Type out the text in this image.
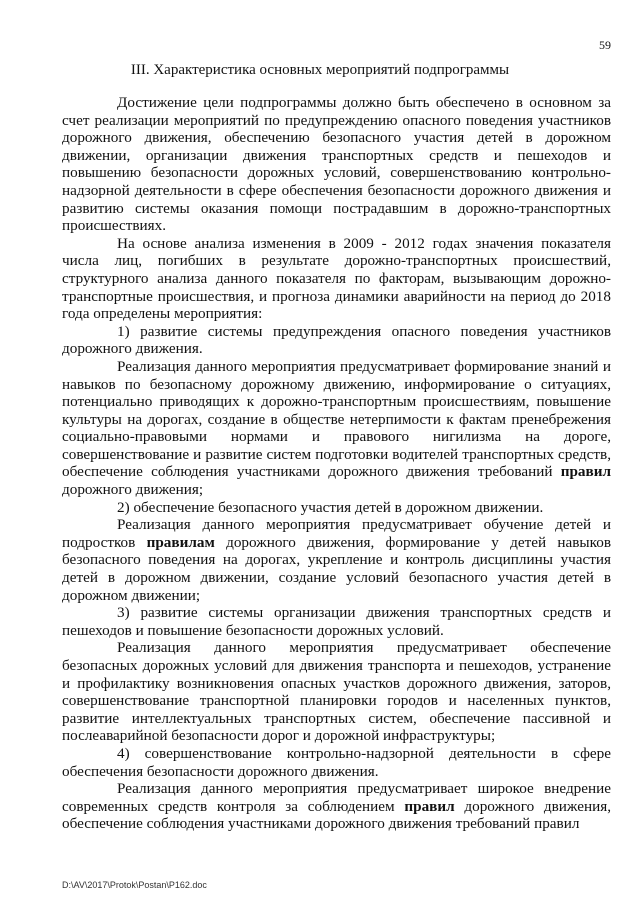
59
III. Характеристика основных мероприятий подпрограммы

Достижение цели подпрограммы должно быть обеспечено в основном за счет реализации мероприятий по предупреждению опасного поведения участников дорожного движения, обеспечению безопасного участия детей в дорожном движении, организации движения транспортных средств и пешеходов и повышению безопасности дорожных условий, совершенствованию контрольно-надзорной деятельности в сфере обеспечения безопасности дорожного движения и развитию системы оказания помощи пострадавшим в дорожно-транспортных происшествиях.

На основе анализа изменения в 2009 - 2012 годах значения показателя числа лиц, погибших в результате дорожно-транспортных происшествий, структурного анализа данного показателя по факторам, вызывающим дорожно-транспортные происшествия, и прогноза динамики аварийности на период до 2018 года определены мероприятия:

1) развитие системы предупреждения опасного поведения участников дорожного движения.

Реализация данного мероприятия предусматривает формирование знаний и навыков по безопасному дорожному движению, информирование о ситуациях, потенциально приводящих к дорожно-транспортным происшествиям, повышение культуры на дорогах, создание в обществе нетерпимости к фактам пренебрежения социально-правовыми нормами и правового нигилизма на дороге, совершенствование и развитие систем подготовки водителей транспортных средств, обеспечение соблюдения участниками дорожного движения требований правил дорожного движения;

2) обеспечение безопасного участия детей в дорожном движении.

Реализация данного мероприятия предусматривает обучение детей и подростков правилам дорожного движения, формирование у детей навыков безопасного поведения на дорогах, укрепление и контроль дисциплины участия детей в дорожном движении, создание условий безопасного участия детей в дорожном движении;

3) развитие системы организации движения транспортных средств и пешеходов и повышение безопасности дорожных условий.

Реализация данного мероприятия предусматривает обеспечение безопасных дорожных условий для движения транспорта и пешеходов, устранение и профилактику возникновения опасных участков дорожного движения, заторов, совершенствование транспортной планировки городов и населенных пунктов, развитие интеллектуальных транспортных систем, обеспечение пассивной и послеаварийной безопасности дорог и дорожной инфраструктуры;

4) совершенствование контрольно-надзорной деятельности в сфере обеспечения безопасности дорожного движения.

Реализация данного мероприятия предусматривает широкое внедрение современных средств контроля за соблюдением правил дорожного движения, обеспечение соблюдения участниками дорожного движения требований правил

D:\AV\2017\Protok\Postan\P162.doc
